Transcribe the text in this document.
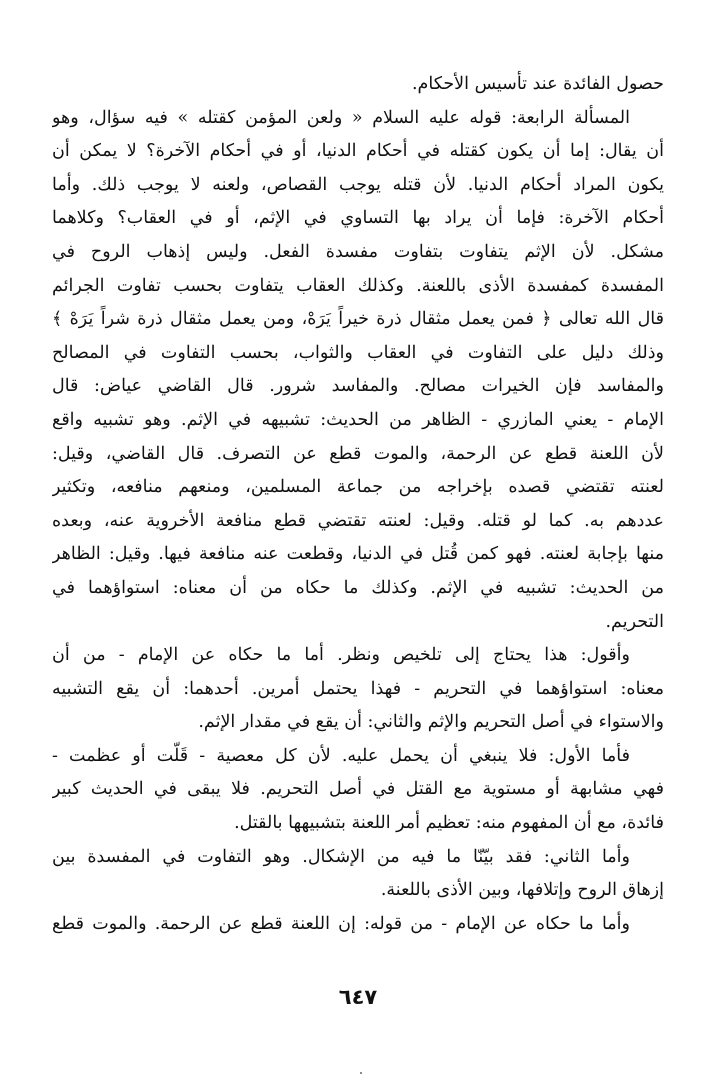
حصول الفائدة عند تأسيس الأحكام.
المسألة الرابعة: قوله عليه السلام « ولعن المؤمن كقتله » فيه سؤال، وهو
أن يقال: إما أن يكون كقتله في أحكام الدنيا، أو في أحكام الآخرة؟ لا يمكن أن
يكون المراد أحكام الدنيا. لأن قتله يوجب القصاص، ولعنه لا يوجب ذلك. وأما
أحكام الآخرة: فإما أن يراد بها التساوي في الإثم، أو في العقاب؟ وكلاهما
مشكل. لأن الإثم يتفاوت بتفاوت مفسدة الفعل. وليس إذهاب الروح في
المفسدة كمفسدة الأذى باللعنة. وكذلك العقاب يتفاوت بحسب تفاوت الجرائم
قال الله تعالى ﴿ فمن يعمل مثقال ذرة خيراً يَرَهْ، ومن يعمل مثقال ذرة شراً يَرَهْ ﴾
وذلك دليل على التفاوت في العقاب والثواب، بحسب التفاوت في المصالح
والمفاسد فإن الخيرات مصالح. والمفاسد شرور. قال القاضي عياض: قال
الإمام - يعني المازري - الظاهر من الحديث: تشبيهه في الإثم. وهو تشبيه واقع
لأن اللعنة قطع عن الرحمة، والموت قطع عن التصرف. قال القاضي، وقيل:
لعنته تقتضي قصده بإخراجه من جماعة المسلمين، ومنعهم منافعه، وتكثير
عددهم به. كما لو قتله. وقيل: لعنته تقتضي قطع منافعة الأخروية عنه، وبعده
منها بإجابة لعنته. فهو كمن قُتل في الدنيا، وقطعت عنه منافعة فيها. وقيل: الظاهر
من الحديث: تشبيه في الإثم. وكذلك ما حكاه من أن معناه: استواؤهما في
التحريم.
وأقول: هذا يحتاج إلى تلخيص ونظر. أما ما حكاه عن الإمام - من أن
معناه: استواؤهما في التحريم - فهذا يحتمل أمرين. أحدهما: أن يقع التشبيه
والاستواء في أصل التحريم والإثم والثاني: أن يقع في مقدار الإثم.
فأما الأول: فلا ينبغي أن يحمل عليه. لأن كل معصية - قَلّت أو عظمت -
فهي مشابهة أو مستوية مع القتل في أصل التحريم. فلا يبقى في الحديث كبير
فائدة، مع أن المفهوم منه: تعظيم أمر اللعنة بتشبيهها بالقتل.
وأما الثاني: فقد بيّنّا ما فيه من الإشكال. وهو التفاوت في المفسدة بين
إزهاق الروح وإتلافها، وبين الأذى باللعنة.
وأما ما حكاه عن الإمام - من قوله: إن اللعنة قطع عن الرحمة. والموت قطع
٦٤٧
